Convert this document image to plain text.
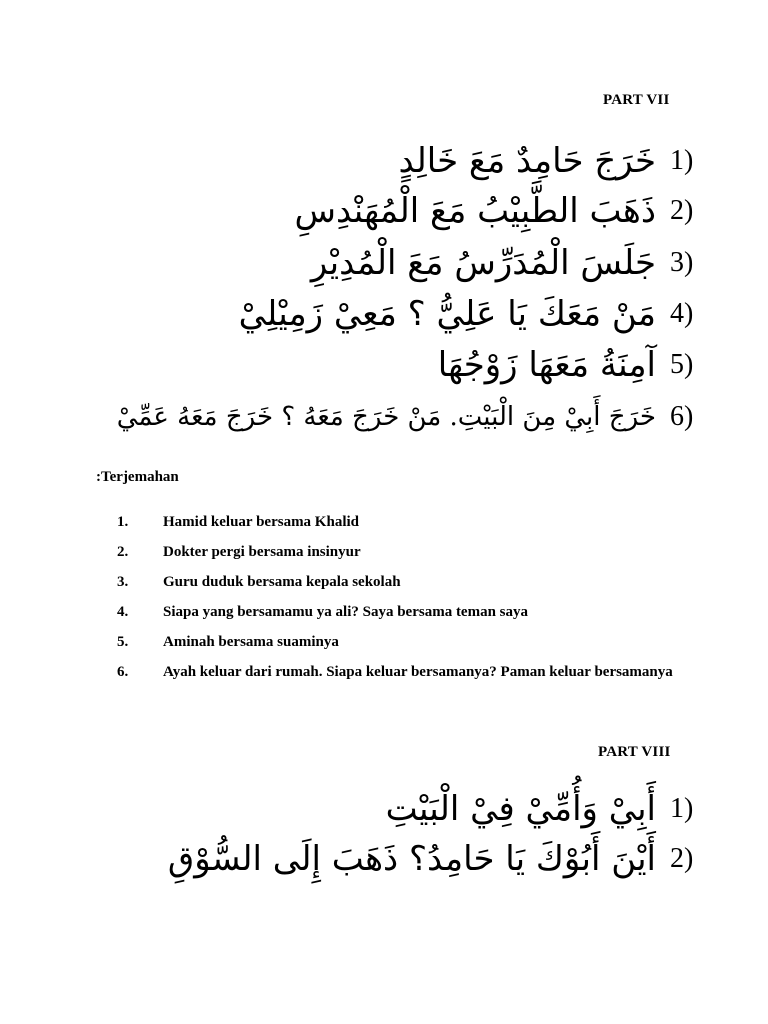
PART VII
1)
خَرَجَ حَامِدٌ مَعَ خَالِدٍ
2)
ذَهَبَ الطَّبِيْبُ مَعَ الْمُهَنْدِسِ
3)
جَلَسَ الْمُدَرِّسُ مَعَ الْمُدِيْرِ
4)
مَنْ مَعَكَ يَا عَلِيُّ ؟ مَعِيْ زَمِيْلِيْ
5)
آمِنَةُ مَعَهَا زَوْجُهَا
6)
خَرَجَ أَبِيْ مِنَ الْبَيْتِ. مَنْ خَرَجَ مَعَهُ ؟ خَرَجَ مَعَهُ عَمِّيْ
:Terjemahan
1.	Hamid keluar bersama Khalid
2.	Dokter pergi bersama insinyur
3.	Guru duduk bersama kepala sekolah
4.	Siapa yang bersamamu ya ali? Saya bersama teman saya
5.	Aminah bersama suaminya
6.	Ayah keluar dari rumah. Siapa keluar bersamanya? Paman keluar bersamanya
PART VIII
1)
أَبِيْ وَأُمِّيْ فِيْ الْبَيْتِ
2)
أَيْنَ أَبُوْكَ يَا حَامِدُ؟ ذَهَبَ إِلَى السُّوْقِ
